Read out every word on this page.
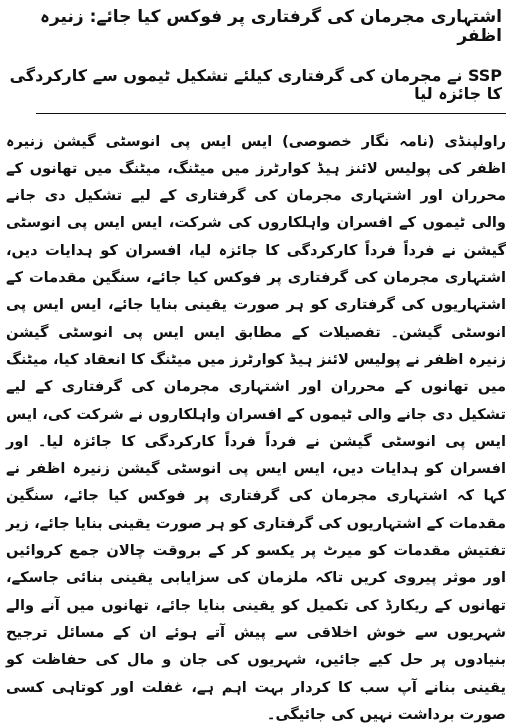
اشتہاری مجرمان کی گرفتاری پر فوکس کیا جائے: زنیرہ اظفر
SSP نے مجرمان کی گرفتاری کیلئے تشکیل ٹیموں سے کارکردگی کا جائزہ لیا

راولپنڈی (نامہ نگار خصوصی) ایس ایس پی انوسٹی گیشن زنیرہ اظفر کی پولیس لائنز ہیڈ کوارٹرز میں میٹنگ، میٹنگ میں تھانوں کے محرران اور اشتہاری مجرمان کی گرفتاری کے لیے تشکیل دی جانے والی ٹیموں کے افسران واہلکاروں کی شرکت، ایس ایس پی انوسٹی گیشن نے فرداً فرداً کارکردگی کا جائزہ لیا، افسران کو ہدایات دیں، اشتہاری مجرمان کی گرفتاری پر فوکس کیا جائے، سنگین مقدمات کے اشتہاریوں کی گرفتاری کو ہر صورت یقینی بنایا جائے، ایس ایس پی انوسٹی گیشن۔ تفصیلات کے مطابق ایس ایس پی انوسٹی گیشن زنیرہ اظفر نے پولیس لائنز ہیڈ کوارٹرز میں میٹنگ کا انعقاد کیا، میٹنگ میں تھانوں کے محرران اور اشتہاری مجرمان کی گرفتاری کے لیے تشکیل دی جانے والی ٹیموں کے افسران واہلکاروں نے شرکت کی، ایس ایس پی انوسٹی گیشن نے فرداً فرداً کارکردگی کا جائزہ لیا۔ اور افسران کو ہدایات دیں، ایس ایس پی انوسٹی گیشن زنیرہ اظفر نے کہا کہ اشتہاری مجرمان کی گرفتاری پر فوکس کیا جائے، سنگین مقدمات کے اشتہاریوں کی گرفتاری کو ہر صورت یقینی بنایا جائے، زیر تفتیش مقدمات کو میرٹ پر یکسو کر کے بروقت چالان جمع کروائیں اور موثر پیروی کریں تاکہ ملزمان کی سزایابی یقینی بنائی جاسکے، تھانوں کے ریکارڈ کی تکمیل کو یقینی بنایا جائے، تھانوں میں آنے والے شہریوں سے خوش اخلاقی سے پیش آتے ہوئے ان کے مسائل ترجیح بنیادوں پر حل کیے جائیں، شہریوں کی جان و مال کی حفاظت کو یقینی بنانے آپ سب کا کردار بہت اہم ہے، غفلت اور کوتاہی کسی صورت برداشت نہیں کی جائیگی۔
